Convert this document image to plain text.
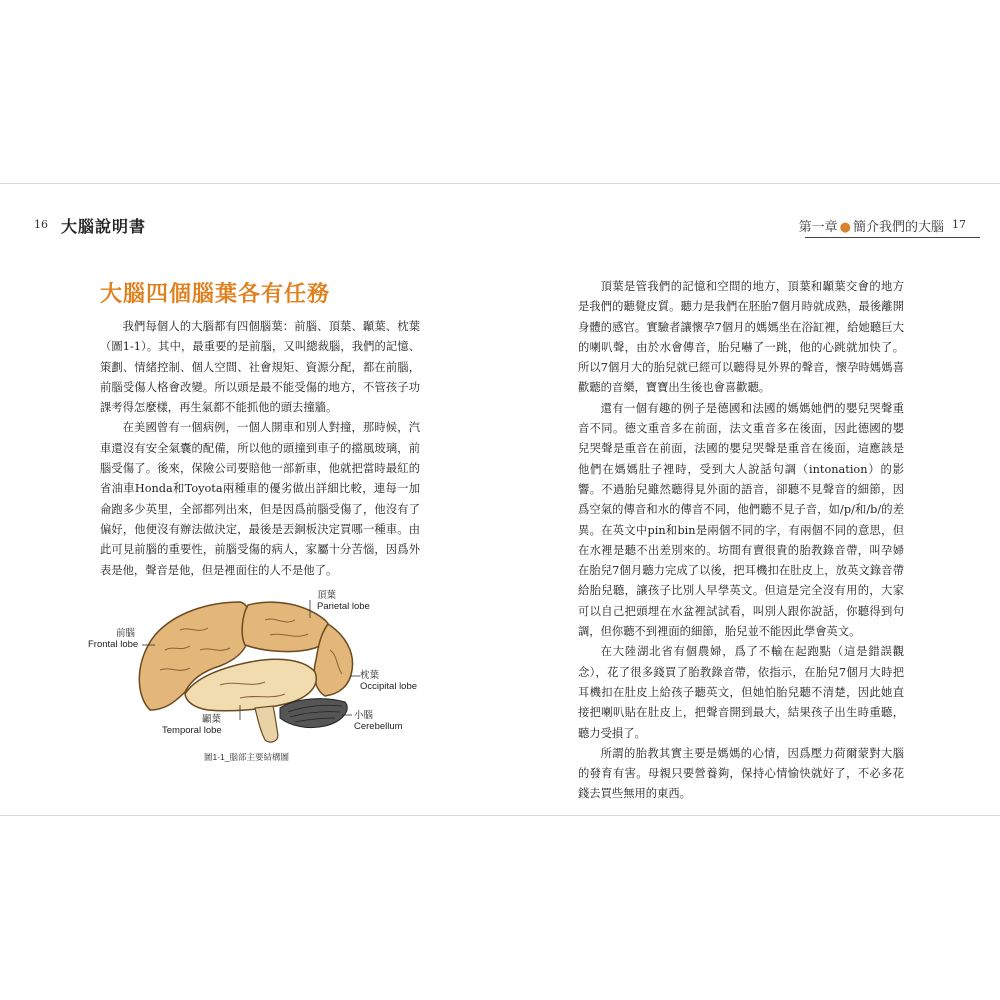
16 大腦說明書	第一章 ● 簡介我們的大腦 17
大腦四個腦葉各有任務

我們每個人的大腦都有四個腦葉：前腦、頂葉、顳葉、枕葉（圖1-1）。其中，最重要的是前腦，又叫總裁腦，我們的記憶、策劃、情緒控制、個人空間、社會規矩、資源分配，都在前腦，前腦受傷人格會改變。所以頭是最不能受傷的地方，不管孩子功課考得怎麼樣，再生氣都不能抓他的頭去撞牆。

在美國曾有一個病例，一個人開車和別人對撞，那時候，汽車還沒有安全氣囊的配備，所以他的頭撞到車子的擋風玻璃，前腦受傷了。後來，保險公司要賠他一部新車，他就把當時最紅的省油車Honda和Toyota兩種車的優劣做出詳細比較，連每一加侖跑多少英里，全部都列出來，但是因爲前腦受傷了，他沒有了偏好，他便沒有辦法做決定，最後是丟銅板決定買哪一種車。由此可見前腦的重要性，前腦受傷的病人，家屬十分苦惱，因爲外表是他，聲音是他，但是裡面住的人不是他了。

頂葉是管我們的記憶和空間的地方，頂葉和顳葉交會的地方是我們的聽覺皮質。聽力是我們在胚胎7個月時就成熟，最後離開身體的感官。實驗者讓懷孕7個月的媽媽坐在浴缸裡，給她聽巨大的喇叭聲，由於水會傳音，胎兒嚇了一跳，他的心跳就加快了。所以7個月大的胎兒就已經可以聽得見外界的聲音，懷孕時媽媽喜歡聽的音樂，寶寶出生後也會喜歡聽。

還有一個有趣的例子是德國和法國的媽媽她們的嬰兒哭聲重音不同。德文重音多在前面，法文重音多在後面，因此德國的嬰兒哭聲是重音在前面，法國的嬰兒哭聲是重音在後面，這應該是他們在媽媽肚子裡時，受到大人說話句調（intonation）的影響。不過胎兒雖然聽得見外面的語音，卻聽不見聲音的細節，因爲空氣的傳音和水的傳音不同，他們聽不見子音，如/p/和/b/的差異。在英文中pin和bin是兩個不同的字，有兩個不同的意思，但在水裡是聽不出差別來的。坊間有賣很貴的胎教錄音帶，叫孕婦在胎兒7個月聽力完成了以後，把耳機扣在肚皮上，放英文錄音帶給胎兒聽，讓孩子比別人早學英文。但這是完全沒有用的，大家可以自己把頭埋在水盆裡試試看，叫別人跟你說話，你聽得到句調，但你聽不到裡面的細節，胎兒並不能因此學會英文。

在大陸湖北省有個農婦，爲了不輸在起跑點（這是錯誤觀念），花了很多錢買了胎教錄音帶，依指示，在胎兒7個月大時把耳機扣在肚皮上給孩子聽英文，但她怕胎兒聽不清楚，因此她直接把喇叭貼在肚皮上，把聲音開到最大，結果孩子出生時重聽，聽力受損了。

所謂的胎教其實主要是媽媽的心情，因爲壓力荷爾蒙對大腦的發育有害。母親只要營養夠，保持心情愉快就好了，不必多花錢去買些無用的東西。

頂葉
Parietal lobe
前腦
Frontal lobe
枕葉
Occipital lobe
顳葉
Temporal lobe
小腦
Cerebellum
圖1-1_腦部主要結構圖
